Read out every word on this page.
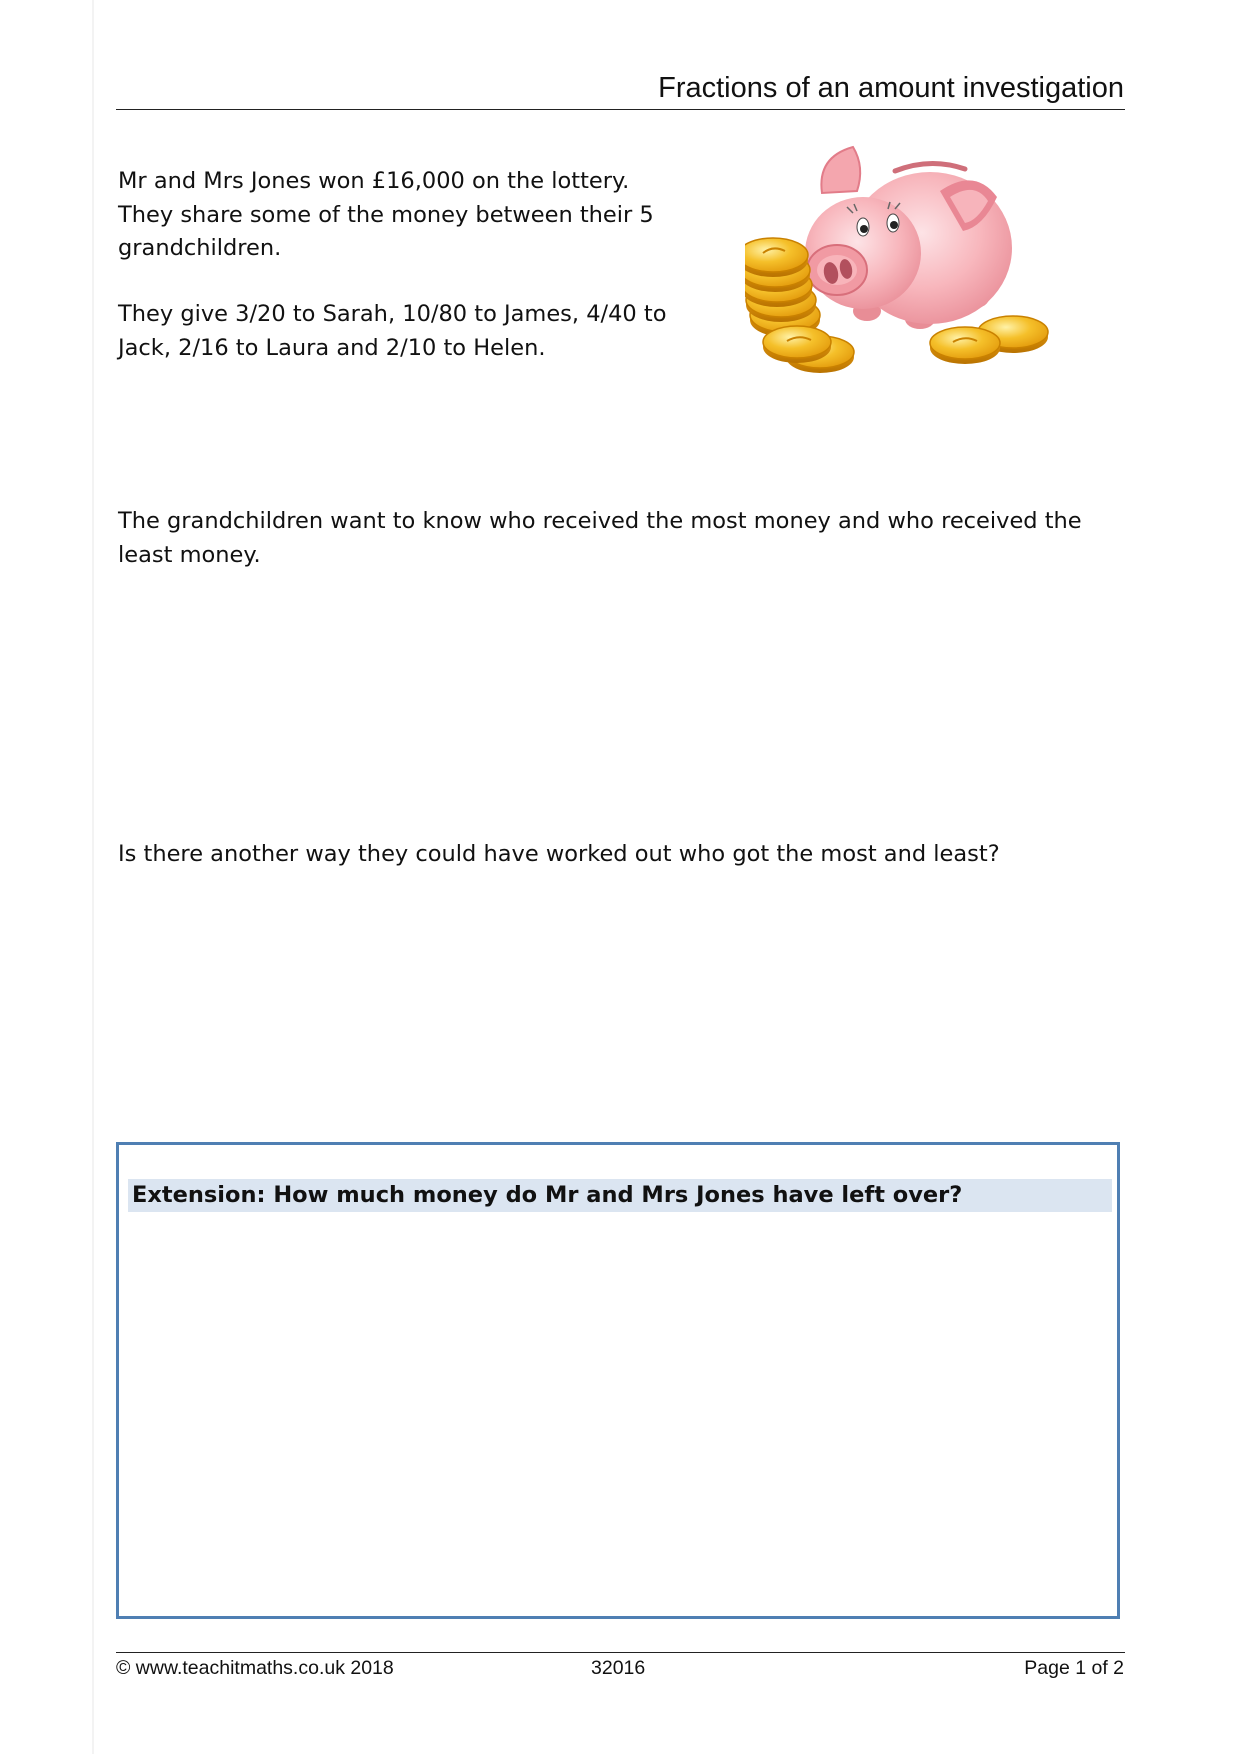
Fractions of an amount investigation
Mr and Mrs Jones won £16,000 on the lottery. They share some of the money between their 5 grandchildren.
They give 3/20 to Sarah, 10/80 to James, 4/40 to Jack, 2/16 to Laura and 2/10 to Helen.
The grandchildren want to know who received the most money and who received the least money.
Is there another way they could have worked out who got the most and least?
Extension: How much money do Mr and Mrs Jones have left over?
© www.teachitmaths.co.uk 2018	32016	Page 1 of 2
